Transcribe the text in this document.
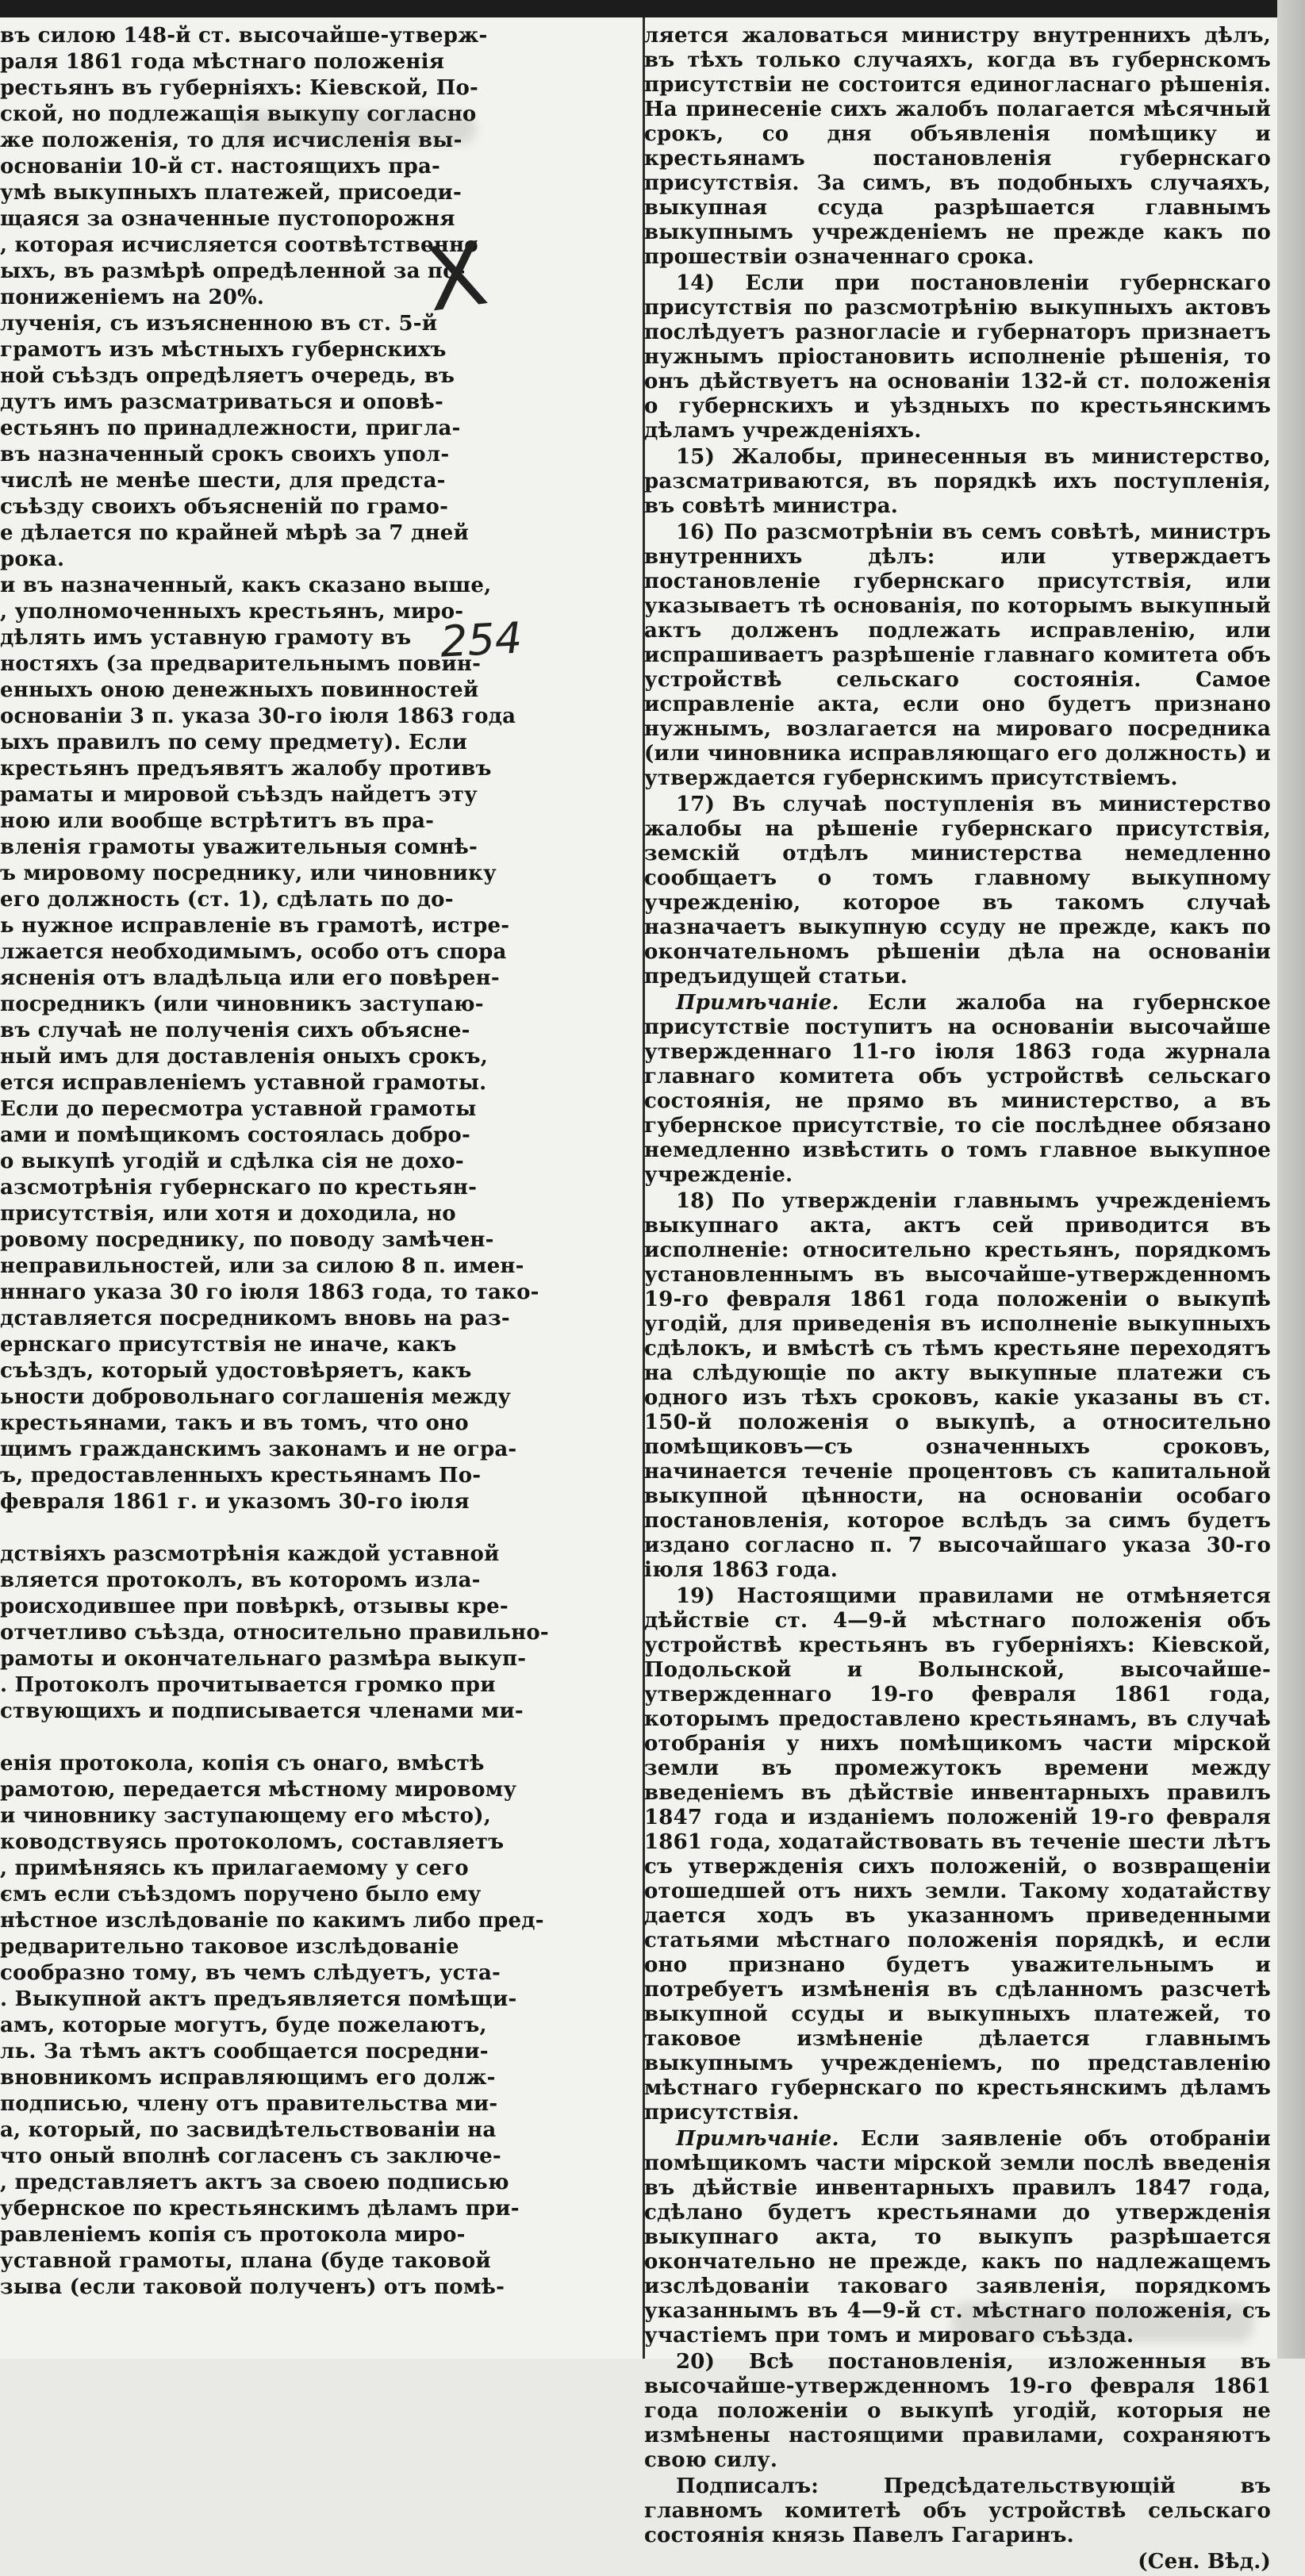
въ силою 148-й ст. высочайше-утверж-

раля 1861 года мѣстнаго положенія

рестьянъ въ губерніяхъ: Кіевской, По-

ской, но подлежащія выкупу согласно

же положенія, то для исчисленія вы-

основаніи 10-й ст. настоящихъ пра-

умѣ выкупныхъ платежей, присоеди-

щаяся за означенные пустопорожня

, которая исчисляется соотвѣтственно

ыхъ, въ размѣрѣ опредѣленной за по-

пониженіемъ на 20%.

лученія, съ изъясненною въ ст. 5-й

грамотъ изъ мѣстныхъ губернскихъ

ной съѣздъ опредѣляетъ очередь, въ

дутъ имъ разсматриваться и оповѣ-

естьянъ по принадлежности, пригла-

въ назначенный срокъ своихъ упол-

числѣ не менѣе шести, для предста-

съѣзду своихъ объясненій по грамо-

е дѣлается по крайней мѣрѣ за 7 дней

рока.

и въ назначенный, какъ сказано выше,

, уполномоченныхъ крестьянъ, миро-

дѣлять имъ уставную грамоту въ

ностяхъ (за предварительнымъ повин-

енныхъ оною денежныхъ повинностей

основаніи 3 п. указа 30-го іюля 1863 года

ыхъ правилъ по сему предмету). Если

крестьянъ предъявятъ жалобу противъ

раматы и мировой съѣздъ найдетъ эту

ною или вообще встрѣтитъ въ пра-

вленія грамоты уважительныя сомнѣ-

ъ мировому посреднику, или чиновнику

его должность (ст. 1), сдѣлать по до-

ь нужное исправленіе въ грамотѣ, истре-

лжается необходимымъ, особо отъ спора

ясненія отъ владѣльца или его повѣрен-

посредникъ (или чиновникъ заступаю-

въ случаѣ не полученія сихъ объясне-

ный имъ для доставленія оныхъ срокъ,

ется исправленіемъ уставной грамоты.

Если до пересмотра уставной грамоты

ами и помѣщикомъ состоялась добро-

о выкупѣ угодій и сдѣлка сія не дохо-

азсмотрѣнія губернскаго по крестьян-

присутствія, или хотя и доходила, но

ровому посреднику, по поводу замѣчен-

неправильностей, или за силою 8 п. имен-

нннаго указа 30 го іюля 1863 года, то тако-

дставляется посредникомъ вновь на раз-

ернскаго присутствія не иначе, какъ

съѣздъ, который удостовѣряетъ, какъ

ьности добровольнаго соглашенія между

крестьянами, такъ и въ томъ, что оно

щимъ гражданскимъ законамъ и не огра-

ъ, предоставленныхъ крестьянамъ По-

февраля 1861 г. и указомъ 30-го іюля

дствіяхъ разсмотрѣнія каждой уставной

вляется протоколъ, въ которомъ изла-

роисходившее при повѣркѣ, отзывы кре-

отчетливо съѣзда, относительно правильно-

рамоты и окончательнаго размѣра выкуп-

. Протоколъ прочитывается громко при

ствующихъ и подписывается членами ми-

енія протокола, копія съ онаго, вмѣстѣ

рамотою, передается мѣстному мировому

и чиновнику заступающему его мѣсто),

ководствуясь протоколомъ, составляетъ

, примѣняясь къ прилагаемому у сего

ємъ если съѣздомъ поручено было ему

нѣстное изслѣдованіе по какимъ либо пред-

редварительно таковое изслѣдованіе

сообразно тому, въ чемъ слѣдуетъ, уста-

. Выкупной актъ предъявляется помѣщи-

амъ, которые могутъ, буде пожелаютъ,

ль. За тѣмъ актъ сообщается посредни-

вновникомъ исправляющимъ его долж-

подписью, члену отъ правительства ми-

а, который, по засвидѣтельствованіи на

что оный вполнѣ согласенъ съ заключе-

, представляетъ актъ за своею подписью

убернское по крестьянскимъ дѣламъ при-

равленіемъ копія съ протокола миро-

уставной грамоты, плана (буде таковой

зыва (если таковой полученъ) отъ помѣ-

ляется жаловаться министру внутреннихъ дѣлъ, въ тѣхъ только случаяхъ, когда въ губернскомъ присутствіи не состоится единогласнаго рѣшенія. На принесеніе сихъ жалобъ полагается мѣсячный срокъ, со дня объявленія помѣщику и крестьянамъ постановленія губернскаго присутствія. За симъ, въ подобныхъ случаяхъ, выкупная ссуда разрѣшается главнымъ выкупнымъ учрежденіемъ не прежде какъ по прошествіи означеннаго срока.

14) Если при постановленіи губернскаго присутствія по разсмотрѣнію выкупныхъ актовъ послѣдуетъ разногласіе и губернаторъ признаетъ нужнымъ пріостановить исполненіе рѣшенія, то онъ дѣйствуетъ на основаніи 132-й ст. положенія о губернскихъ и уѣздныхъ по крестьянскимъ дѣламъ учрежденіяхъ.

15) Жалобы, принесенныя въ министерство, разсматриваются, въ порядкѣ ихъ поступленія, въ совѣтѣ министра.

16) По разсмотрѣніи въ семъ совѣтѣ, министръ внутреннихъ дѣлъ: или утверждаетъ постановленіе губернскаго присутствія, или указываетъ тѣ основанія, по которымъ выкупный актъ долженъ подлежать исправленію, или испрашиваетъ разрѣшеніе главнаго комитета объ устройствѣ сельскаго состоянія. Самое исправленіе акта, если оно будетъ признано нужнымъ, возлагается на мироваго посредника (или чиновника исправляющаго его должность) и утверждается губернскимъ присутствіемъ.

17) Въ случаѣ поступленія въ министерство жалобы на рѣшеніе губернскаго присутствія, земскій отдѣлъ министерства немедленно сообщаетъ о томъ главному выкупному учрежденію, которое въ такомъ случаѣ назначаетъ выкупную ссуду не прежде, какъ по окончательномъ рѣшеніи дѣла на основаніи предъидущей статьи.

Примѣчаніе. Если жалоба на губернское присутствіе поступитъ на основаніи высочайше утвержденнаго 11-го іюля 1863 года журнала главнаго комитета объ устройствѣ сельскаго состоянія, не прямо въ министерство, а въ губернское присутствіе, то сіе послѣднее обязано немедленно извѣстить о томъ главное выкупное учрежденіе.

18) По утвержденіи главнымъ учрежденіемъ выкупнаго акта, актъ сей приводится въ исполненіе: относительно крестьянъ, порядкомъ установленнымъ въ высочайше-утвержденномъ 19-го февраля 1861 года положеніи о выкупѣ угодій, для приведенія въ исполненіе выкупныхъ сдѣлокъ, и вмѣстѣ съ тѣмъ крестьяне переходятъ на слѣдующіе по акту выкупные платежи съ одного изъ тѣхъ сроковъ, какіе указаны въ ст. 150-й положенія о выкупѣ, а относительно помѣщиковъ—съ означенныхъ сроковъ, начинается теченіе процентовъ съ капитальной выкупной цѣнности, на основаніи особаго постановленія, которое вслѣдъ за симъ будетъ издано согласно п. 7 высочайшаго указа 30-го іюля 1863 года.

19) Настоящими правилами не отмѣняется дѣйствіе ст. 4—9-й мѣстнаго положенія объ устройствѣ крестьянъ въ губерніяхъ: Кіевской, Подольской и Волынской, высочайше-утвержденнаго 19-го февраля 1861 года, которымъ предоставлено крестьянамъ, въ случаѣ отобранія у нихъ помѣщикомъ части мірской земли въ промежутокъ времени между введеніемъ въ дѣйствіе инвентарныхъ правилъ 1847 года и изданіемъ положеній 19-го февраля 1861 года, ходатайствовать въ теченіе шести лѣтъ съ утвержденія сихъ положеній, о возвращеніи отошедшей отъ нихъ земли. Такому ходатайству дается ходъ въ указанномъ приведенными статьями мѣстнаго положенія порядкѣ, и если оно признано будетъ уважительнымъ и потребуетъ измѣненія въ сдѣланномъ разсчетѣ выкупной ссуды и выкупныхъ платежей, то таковое измѣненіе дѣлается главнымъ выкупнымъ учрежденіемъ, по представленію мѣстнаго губернскаго по крестьянскимъ дѣламъ присутствія.

Примѣчаніе. Если заявленіе объ отобраніи помѣщикомъ части мірской земли послѣ введенія въ дѣйствіе инвентарныхъ правилъ 1847 года, сдѣлано будетъ крестьянами до утвержденія выкупнаго акта, то выкупъ разрѣшается окончательно не прежде, какъ по надлежащемъ изслѣдованіи таковаго заявленія, порядкомъ указаннымъ въ 4—9-й ст. мѣстнаго положенія, съ участіемъ при томъ и мироваго съѣзда.

20) Всѣ постановленія, изложенныя въ высочайше-утвержденномъ 19-го февраля 1861 года положеніи о выкупѣ угодій, которыя не измѣнены настоящими правилами, сохраняютъ свою силу.

Подписалъ: Предсѣдательствующій въ главномъ комитетѣ объ устройствѣ сельскаго состоянія князь Павелъ Гагаринъ.

(Сен. Вѣд.)

X
254
